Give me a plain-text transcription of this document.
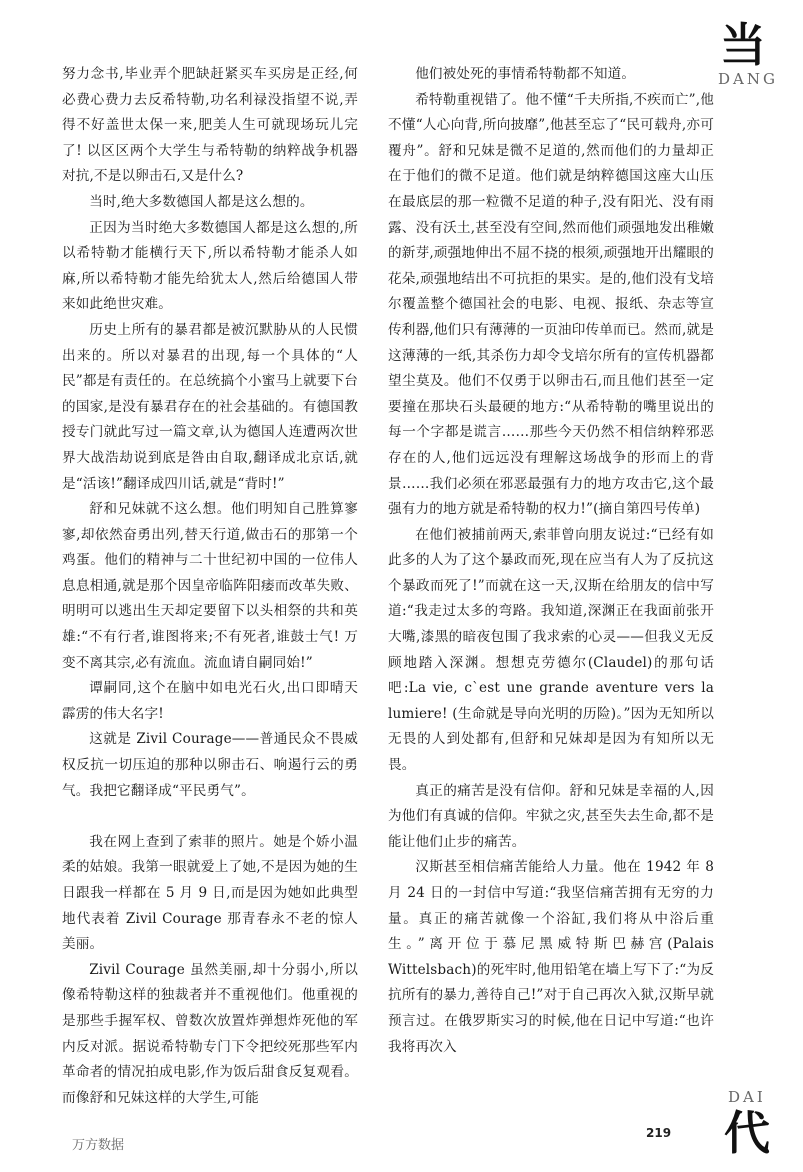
努力念书,毕业弄个肥缺赶紧买车买房是正经,何必费心费力去反希特勒,功名利禄没指望不说,弄得不好盖世太保一来,肥美人生可就现场玩儿完了! 以区区两个大学生与希特勒的纳粹战争机器对抗,不是以卵击石,又是什么?

当时,绝大多数德国人都是这么想的。

正因为当时绝大多数德国人都是这么想的,所以希特勒才能横行天下,所以希特勒才能杀人如麻,所以希特勒才能先给犹太人,然后给德国人带来如此绝世灾难。

历史上所有的暴君都是被沉默胁从的人民惯出来的。所以对暴君的出现,每一个具体的“人民”都是有责任的。在总统搞个小蜜马上就要下台的国家,是没有暴君存在的社会基础的。有德国教授专门就此写过一篇文章,认为德国人连遭两次世界大战浩劫说到底是咎由自取,翻译成北京话,就是“活该!”翻译成四川话,就是“背时!”

舒和兄妹就不这么想。他们明知自己胜算寥寥,却依然奋勇出列,替天行道,做击石的那第一个鸡蛋。他们的精神与二十世纪初中国的一位伟人息息相通,就是那个因皇帝临阵阳痿而改革失败、明明可以逃出生天却定要留下以头相祭的共和英雄:“不有行者,谁图将来;不有死者,谁鼓士气! 万变不离其宗,必有流血。流血请自嗣同始!”

谭嗣同,这个在脑中如电光石火,出口即晴天霹雳的伟大名字!

这就是 Zivil Courage——普通民众不畏威权反抗一切压迫的那种以卵击石、响遏行云的勇气。我把它翻译成“平民勇气”。

我在网上查到了索菲的照片。她是个娇小温柔的姑娘。我第一眼就爱上了她,不是因为她的生日跟我一样都在 5 月 9 日,而是因为她如此典型地代表着 Zivil Courage 那青春永不老的惊人美丽。

Zivil Courage 虽然美丽,却十分弱小,所以像希特勒这样的独裁者并不重视他们。他重视的是那些手握军权、曾数次放置炸弹想炸死他的军内反对派。据说希特勒专门下令把绞死那些军内革命者的情况拍成电影,作为饭后甜食反复观看。而像舒和兄妹这样的大学生,可能

他们被处死的事情希特勒都不知道。

希特勒重视错了。他不懂“千夫所指,不疾而亡”,他不懂“人心向背,所向披靡”,他甚至忘了“民可载舟,亦可覆舟”。舒和兄妹是微不足道的,然而他们的力量却正在于他们的微不足道。他们就是纳粹德国这座大山压在最底层的那一粒微不足道的种子,没有阳光、没有雨露、没有沃土,甚至没有空间,然而他们顽强地发出稚嫩的新芽,顽强地伸出不屈不挠的根须,顽强地开出耀眼的花朵,顽强地结出不可抗拒的果实。是的,他们没有戈培尔覆盖整个德国社会的电影、电视、报纸、杂志等宣传利器,他们只有薄薄的一页油印传单而已。然而,就是这薄薄的一纸,其杀伤力却令戈培尔所有的宣传机器都望尘莫及。他们不仅勇于以卵击石,而且他们甚至一定要撞在那块石头最硬的地方:“从希特勒的嘴里说出的每一个字都是谎言……那些今天仍然不相信纳粹邪恶存在的人,他们远远没有理解这场战争的形而上的背景……我们必须在邪恶最强有力的地方攻击它,这个最强有力的地方就是希特勒的权力!”(摘自第四号传单)

在他们被捕前两天,索菲曾向朋友说过:“已经有如此多的人为了这个暴政而死,现在应当有人为了反抗这个暴政而死了!”而就在这一天,汉斯在给朋友的信中写道:“我走过太多的弯路。我知道,深渊正在我面前张开大嘴,漆黑的暗夜包围了我求索的心灵——但我义无反顾地踏入深渊。想想克劳德尔(Claudel)的那句话吧:La vie, c`est une grande aventure vers la lumiere! (生命就是导向光明的历险)。”因为无知所以无畏的人到处都有,但舒和兄妹却是因为有知所以无畏。

真正的痛苦是没有信仰。舒和兄妹是幸福的人,因为他们有真诚的信仰。牢狱之灾,甚至失去生命,都不是能让他们止步的痛苦。

汉斯甚至相信痛苦能给人力量。他在 1942 年 8 月 24 日的一封信中写道:“我坚信痛苦拥有无穷的力量。真正的痛苦就像一个浴缸,我们将从中浴后重生。”离开位于慕尼黑威特斯巴赫宫(Palais Wittelsbach)的死牢时,他用铅笔在墙上写下了:“为反抗所有的暴力,善待自己!”对于自己再次入狱,汉斯早就预言过。在俄罗斯实习的时候,他在日记中写道:“也许我将再次入

当
DANG
DAI
代
万方数据
219
